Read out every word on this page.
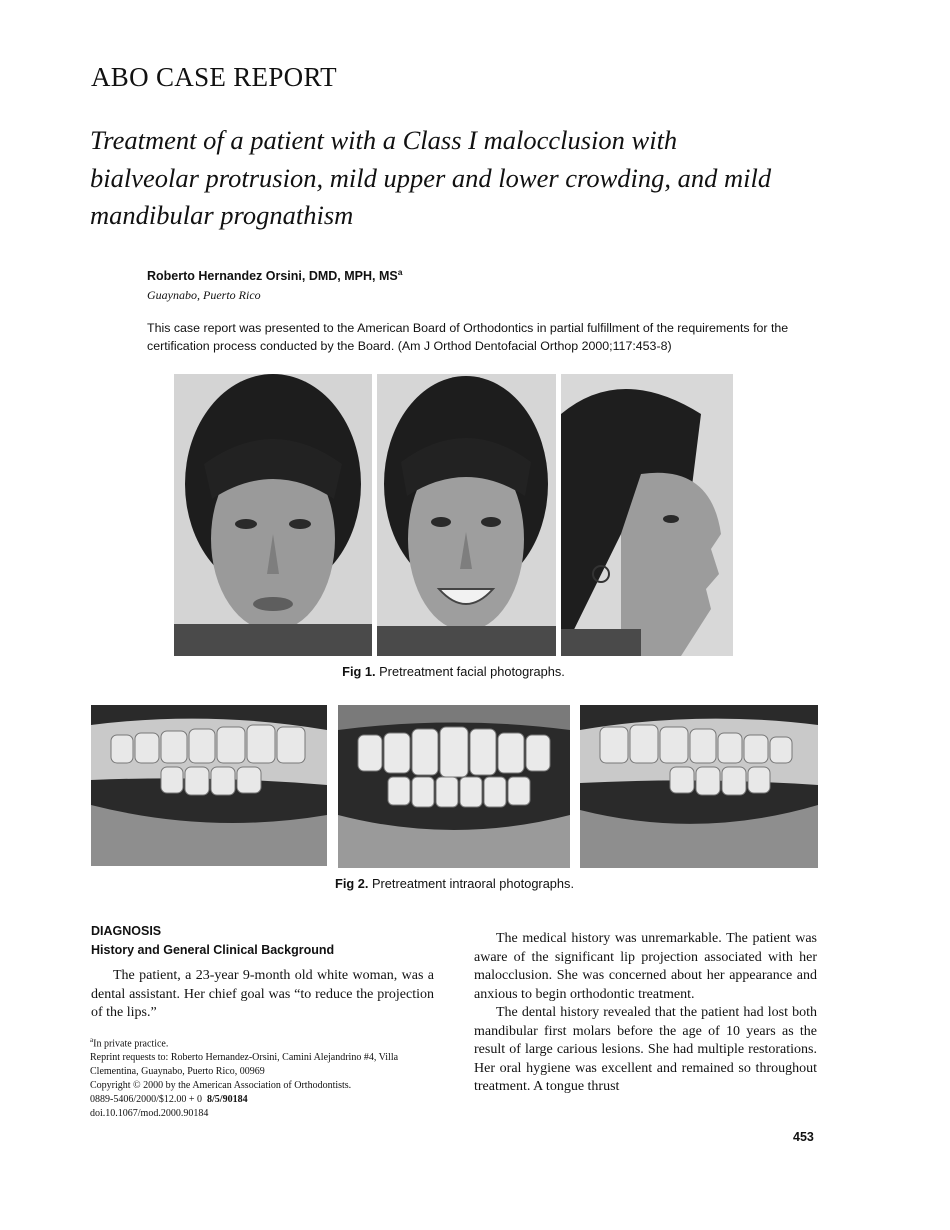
ABO CASE REPORT
Treatment of a patient with a Class I malocclusion with
bialveolar protrusion, mild upper and lower crowding, and mild
mandibular prognathism
Roberto Hernandez Orsini, DMD, MPH, $MS^a$
Guaynabo, Puerto Rico
This case report was presented to the American Board of Orthodontics in partial fulfillment of the requirements for the certification process conducted by the Board. (Am J Orthod Dentofacial Orthop 2000;117:453-8)
Fig 1. Pretreatment facial photographs.
Fig 2. Pretreatment intraoral photographs.
DIAGNOSIS
History and General Clinical Background

The patient, a 23-year 9-month old white woman, was a dental assistant. Her chief goal was “to reduce the projection of the lips.”

$^a$In private practice.
Reprint requests to: Roberto Hernandez-Orsini, Camini Alejandrino #4, Villa Clementina, Guaynabo, Puerto Rico, 00969
Copyright © 2000 by the American Association of Orthodontists.
0889-5406/2000/$12.00 + 0  8/5/90184
doi.10.1067/mod.2000.90184

The medical history was unremarkable. The patient was aware of the significant lip projection associated with her malocclusion. She was concerned about her appearance and anxious to begin orthodontic treatment.

The dental history revealed that the patient had lost both mandibular first molars before the age of 10 years as the result of large carious lesions. She had multiple restorations. Her oral hygiene was excellent and remained so throughout treatment. A tongue thrust

453
